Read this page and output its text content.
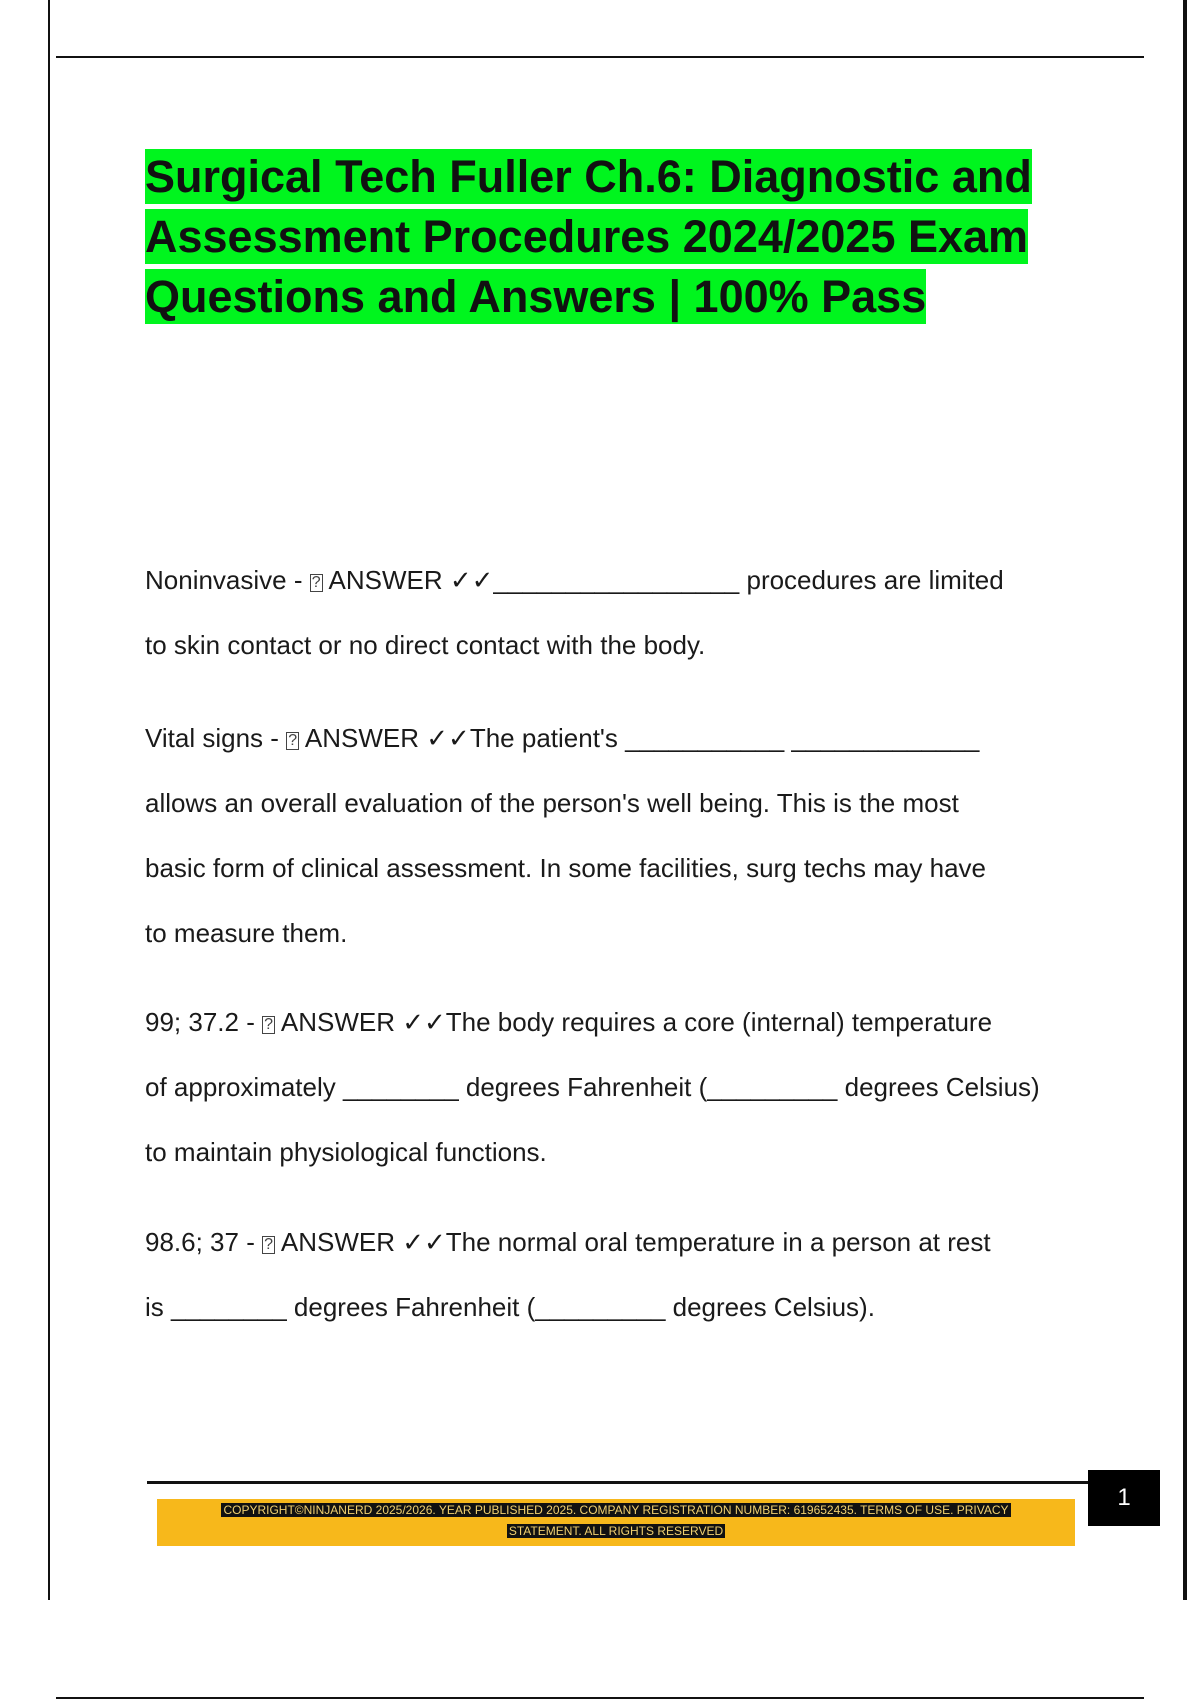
Surgical Tech Fuller Ch.6: Diagnostic and Assessment Procedures 2024/2025 Exam Questions and Answers | 100% Pass
Noninvasive - ? ANSWER ✓✓_________________ procedures are limited
to skin contact or no direct contact with the body.
Vital signs - ? ANSWER ✓✓The patient's ___________ _____________
allows an overall evaluation of the person's well being. This is the most
basic form of clinical assessment. In some facilities, surg techs may have
to measure them.
99; 37.2 - ? ANSWER ✓✓The body requires a core (internal) temperature
of approximately ________ degrees Fahrenheit (_________ degrees Celsius)
to maintain physiological functions.
98.6; 37 - ? ANSWER ✓✓The normal oral temperature in a person at rest
is ________ degrees Fahrenheit (_________ degrees Celsius).
1
COPYRIGHT©NINJANERD 2025/2026. YEAR PUBLISHED 2025. COMPANY REGISTRATION NUMBER: 619652435. TERMS OF USE. PRIVACY
STATEMENT. ALL RIGHTS RESERVED
